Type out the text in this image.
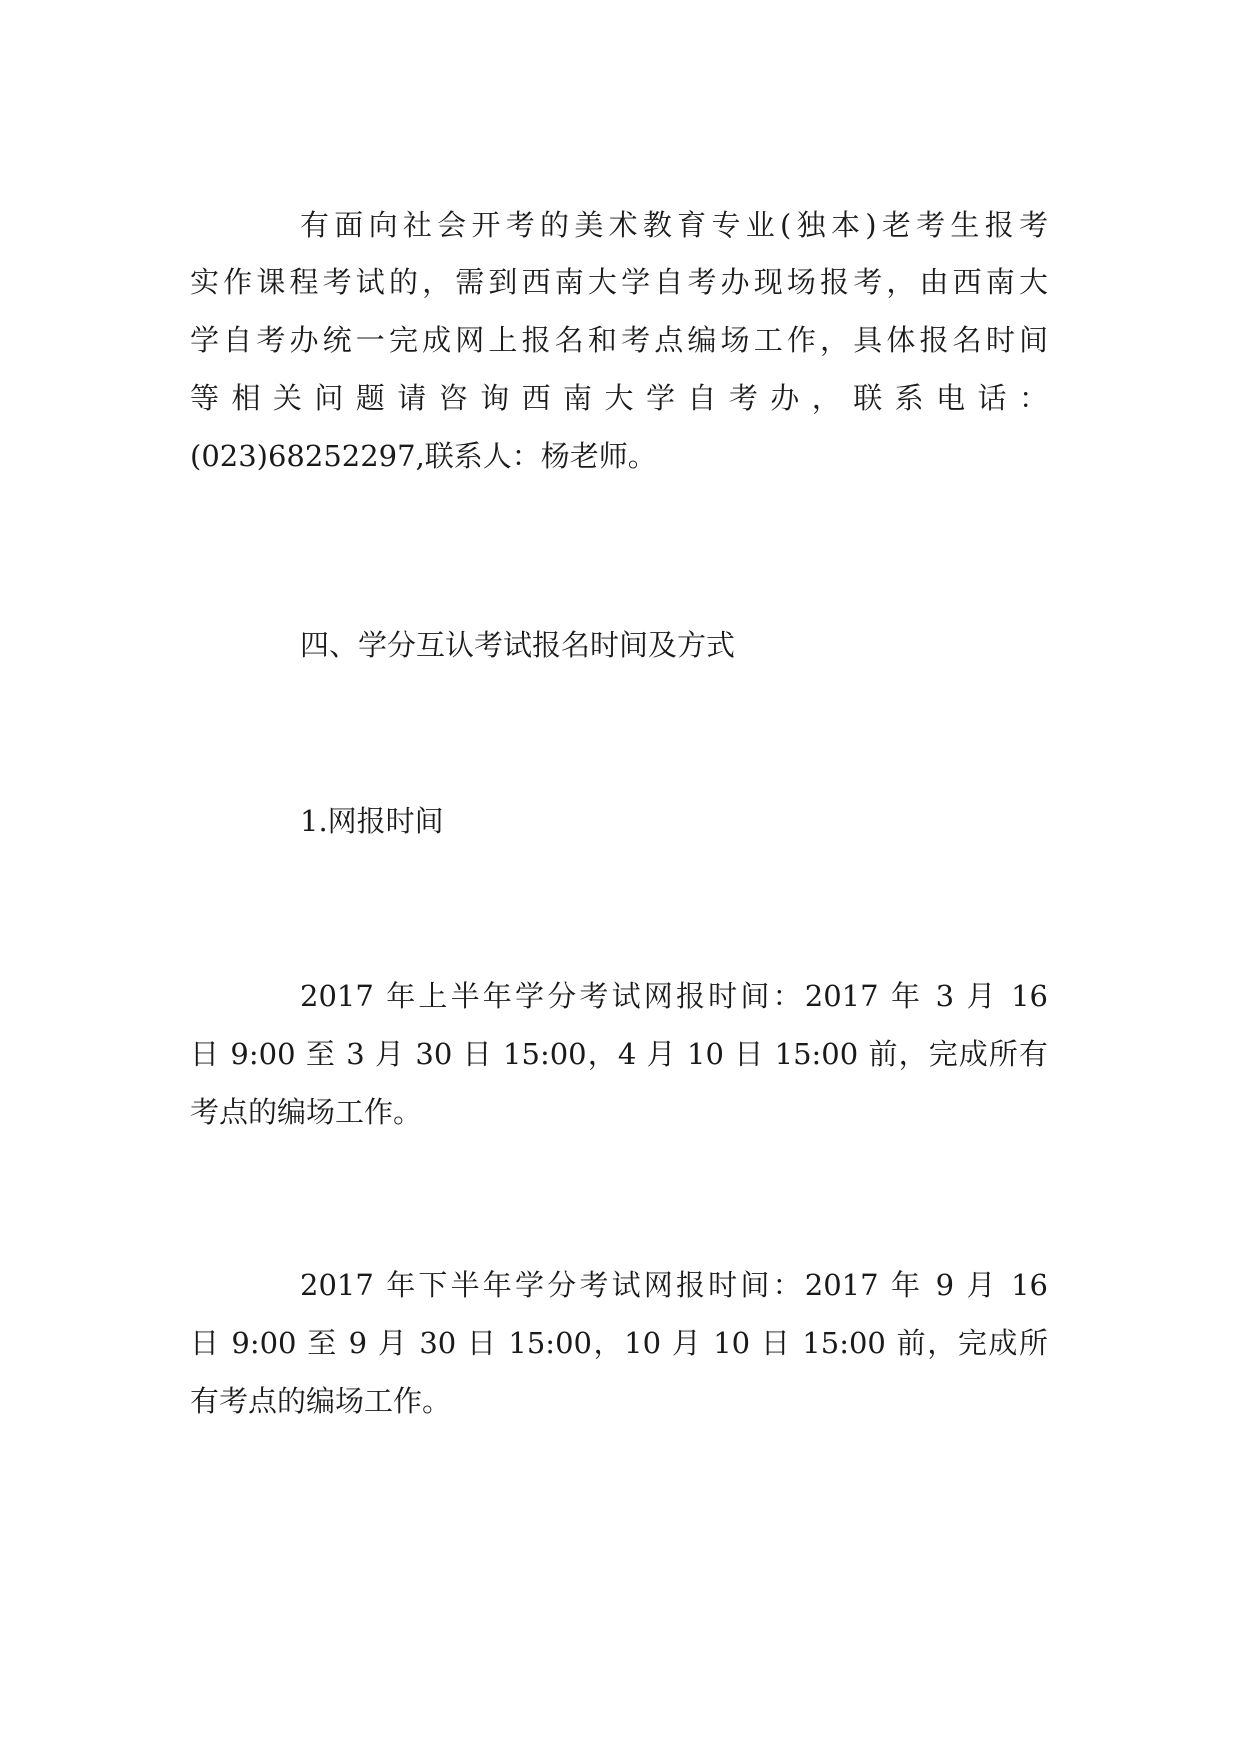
有面向社会开考的美术教育专业(独本)老考生报考

实作课程考试的，需到西南大学自考办现场报考，由西南大

学自考办统一完成网上报名和考点编场工作，具体报名时间

等相关问题请咨询西南大学自考办，联系电话：

(023)68252297,联系人：杨老师。

四、学分互认考试报名时间及方式

1.网报时间

2017 年上半年学分考试网报时间：2017 年 3 月 16

日 9:00 至 3 月 30 日 15:00，4 月 10 日 15:00 前，完成所有

考点的编场工作。

2017 年下半年学分考试网报时间：2017 年 9 月 16

日 9:00 至 9 月 30 日 15:00，10 月 10 日 15:00 前，完成所

有考点的编场工作。
